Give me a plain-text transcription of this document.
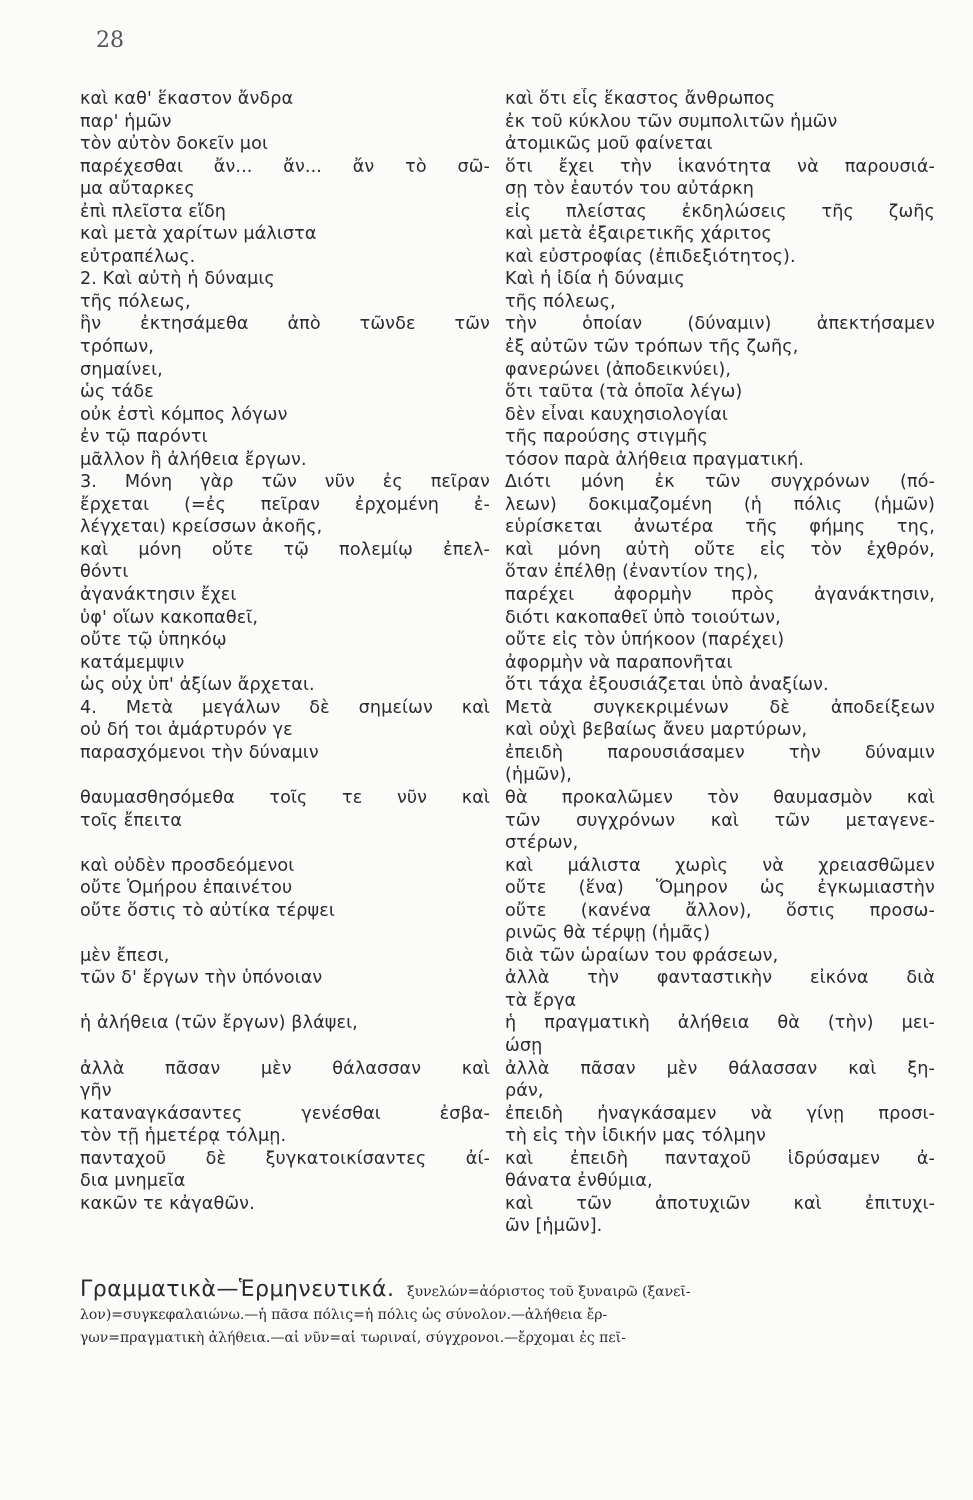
28
καὶ καθ' ἕκαστον ἄνδρα
παρ' ἡμῶν
τὸν αὐτὸν δοκεῖν μοι
παρέχεσθαι ἄν... ἄν... ἄν τὸ σῶ-
μα αὔταρκες
ἐπὶ πλεῖστα εἴδη
καὶ μετὰ χαρίτων μάλιστα
εὐτραπέλως.
2. Καὶ αὐτὴ ἡ δύναμις
τῆς πόλεως,
ἣν ἐκτησάμεθα ἀπὸ τῶνδε τῶν
τρόπων,
σημαίνει,
ὡς τάδε
οὐκ ἐστὶ κόμπος λόγων
ἐν τῷ παρόντι
μᾶλλον ἢ ἀλήθεια ἔργων.
3. Μόνη γὰρ τῶν νῦν ἐς πεῖραν
ἔρχεται (=ἐς πεῖραν ἐρχομένη ἐ-
λέγχεται) κρείσσων ἀκοῆς,
καὶ μόνη οὔτε τῷ πολεμίῳ ἐπελ-
θόντι
ἀγανάκτησιν ἔχει
ὑφ' οἵων κακοπαθεῖ,
οὔτε τῷ ὑπηκόῳ
κατάμεμψιν
ὡς οὐχ ὑπ' ἀξίων ἄρχεται.
4. Μετὰ μεγάλων δὲ σημείων καὶ
οὐ δή τοι ἀμάρτυρόν γε
παρασχόμενοι τὴν δύναμιν
θαυμασθησόμεθα τοῖς τε νῦν καὶ
τοῖς ἔπειτα
καὶ οὐδὲν προσδεόμενοι
οὔτε Ὁμήρου ἐπαινέτου
οὔτε ὅστις τὸ αὐτίκα τέρψει
μὲν ἔπεσι,
τῶν δ' ἔργων τὴν ὑπόνοιαν
ἡ ἀλήθεια (τῶν ἔργων) βλάψει,
ἀλλὰ πᾶσαν μὲν θάλασσαν καὶ
γῆν
καταναγκάσαντες	γενέσθαι	ἐσβα-
τὸν τῇ ἡμετέρᾳ τόλμῃ.
πανταχοῦ δὲ ξυγκατοικίσαντες ἀί-
δια μνημεῖα
κακῶν τε κἀγαθῶν.
καὶ ὅτι εἷς ἕκαστος ἄνθρωπος
ἐκ τοῦ κύκλου τῶν συμπολιτῶν ἡμῶν
ἀτομικῶς μοῦ φαίνεται
ὅτι ἔχει τὴν ἱκανότητα νὰ παρουσιά-
σῃ τὸν ἑαυτόν του αὐτάρκη
εἰς πλείστας ἐκδηλώσεις τῆς ζωῆς
καὶ μετὰ ἐξαιρετικῆς χάριτος
καὶ εὐστροφίας (ἐπιδεξιότητος).
Καὶ ἡ ἰδία ἡ δύναμις
τῆς πόλεως,
τὴν	ὁποίαν	(δύναμιν)	ἀπεκτήσαμεν
ἐξ αὐτῶν τῶν τρόπων τῆς ζωῆς,
φανερώνει (ἀποδεικνύει),
ὅτι ταῦτα (τὰ ὁποῖα λέγω)
δὲν εἶναι καυχησιολογίαι
τῆς παρούσης στιγμῆς
τόσον παρὰ ἀλήθεια πραγματική.
Διότι μόνη ἐκ τῶν συγχρόνων (πό-
λεων) δοκιμαζομένη (ἡ πόλις (ἡμῶν)
εὑρίσκεται ἀνωτέρα τῆς φήμης της,
καὶ μόνη αὐτὴ οὔτε εἰς τὸν ἐχθρόν,
ὅταν ἐπέλθῃ (ἐναντίον της),
παρέχει ἀφορμὴν πρὸς ἀγανάκτησιν,
διότι κακοπαθεῖ ὑπὸ τοιούτων,
οὔτε εἰς τὸν ὑπήκοον (παρέχει)
ἀφορμὴν νὰ παραπονῆται
ὅτι τάχα ἐξουσιάζεται ὑπὸ ἀναξίων.
Μετὰ συγκεκριμένων δὲ ἀποδείξεων
καὶ οὐχὶ βεβαίως ἄνευ μαρτύρων,
ἐπειδὴ	παρουσιάσαμεν	τὴν	δύναμιν
(ἡμῶν),
θὰ προκαλῶμεν τὸν θαυμασμὸν καὶ
τῶν συγχρόνων καὶ τῶν μεταγενε-
στέρων,
καὶ μάλιστα χωρὶς νὰ χρειασθῶμεν
οὔτε (ἕνα) Ὅμηρον ὡς ἐγκωμιαστὴν
οὔτε (κανένα ἄλλον), ὅστις προσω-
ρινῶς θὰ τέρψῃ (ἡμᾶς)
διὰ τῶν ὡραίων του φράσεων,
ἀλλὰ τὴν φανταστικὴν εἰκόνα διὰ
τὰ ἔργα
ἡ πραγματικὴ ἀλήθεια θὰ (τὴν) μει-
ώσῃ
ἀλλὰ πᾶσαν μὲν θάλασσαν καὶ ξη-
ράν,
ἐπειδὴ ἠναγκάσαμεν νὰ γίνῃ προσι-
τὴ εἰς τὴν ἰδικήν μας τόλμην
καὶ ἐπειδὴ πανταχοῦ ἱδρύσαμεν ἀ-
θάνατα ἐνθύμια,
καὶ τῶν ἀποτυχιῶν καὶ ἐπιτυχι-
ῶν [ἡμῶν].
Γραμματικὰ—Ἑρμηνευτικά. ξυνελών=ἀόριστος τοῦ ξυναιρῶ (ξανεῖ-
λον)=συγκεφαλαιώνω.—ἡ πᾶσα πόλις=ἡ πόλις ὡς σύνολον.—ἀλήθεια ἔρ-
γων=πραγματικὴ ἀλήθεια.—αἱ νῦν=αἱ τωριναί, σύγχρονοι.—ἔρχομαι ἐς πεῖ-
